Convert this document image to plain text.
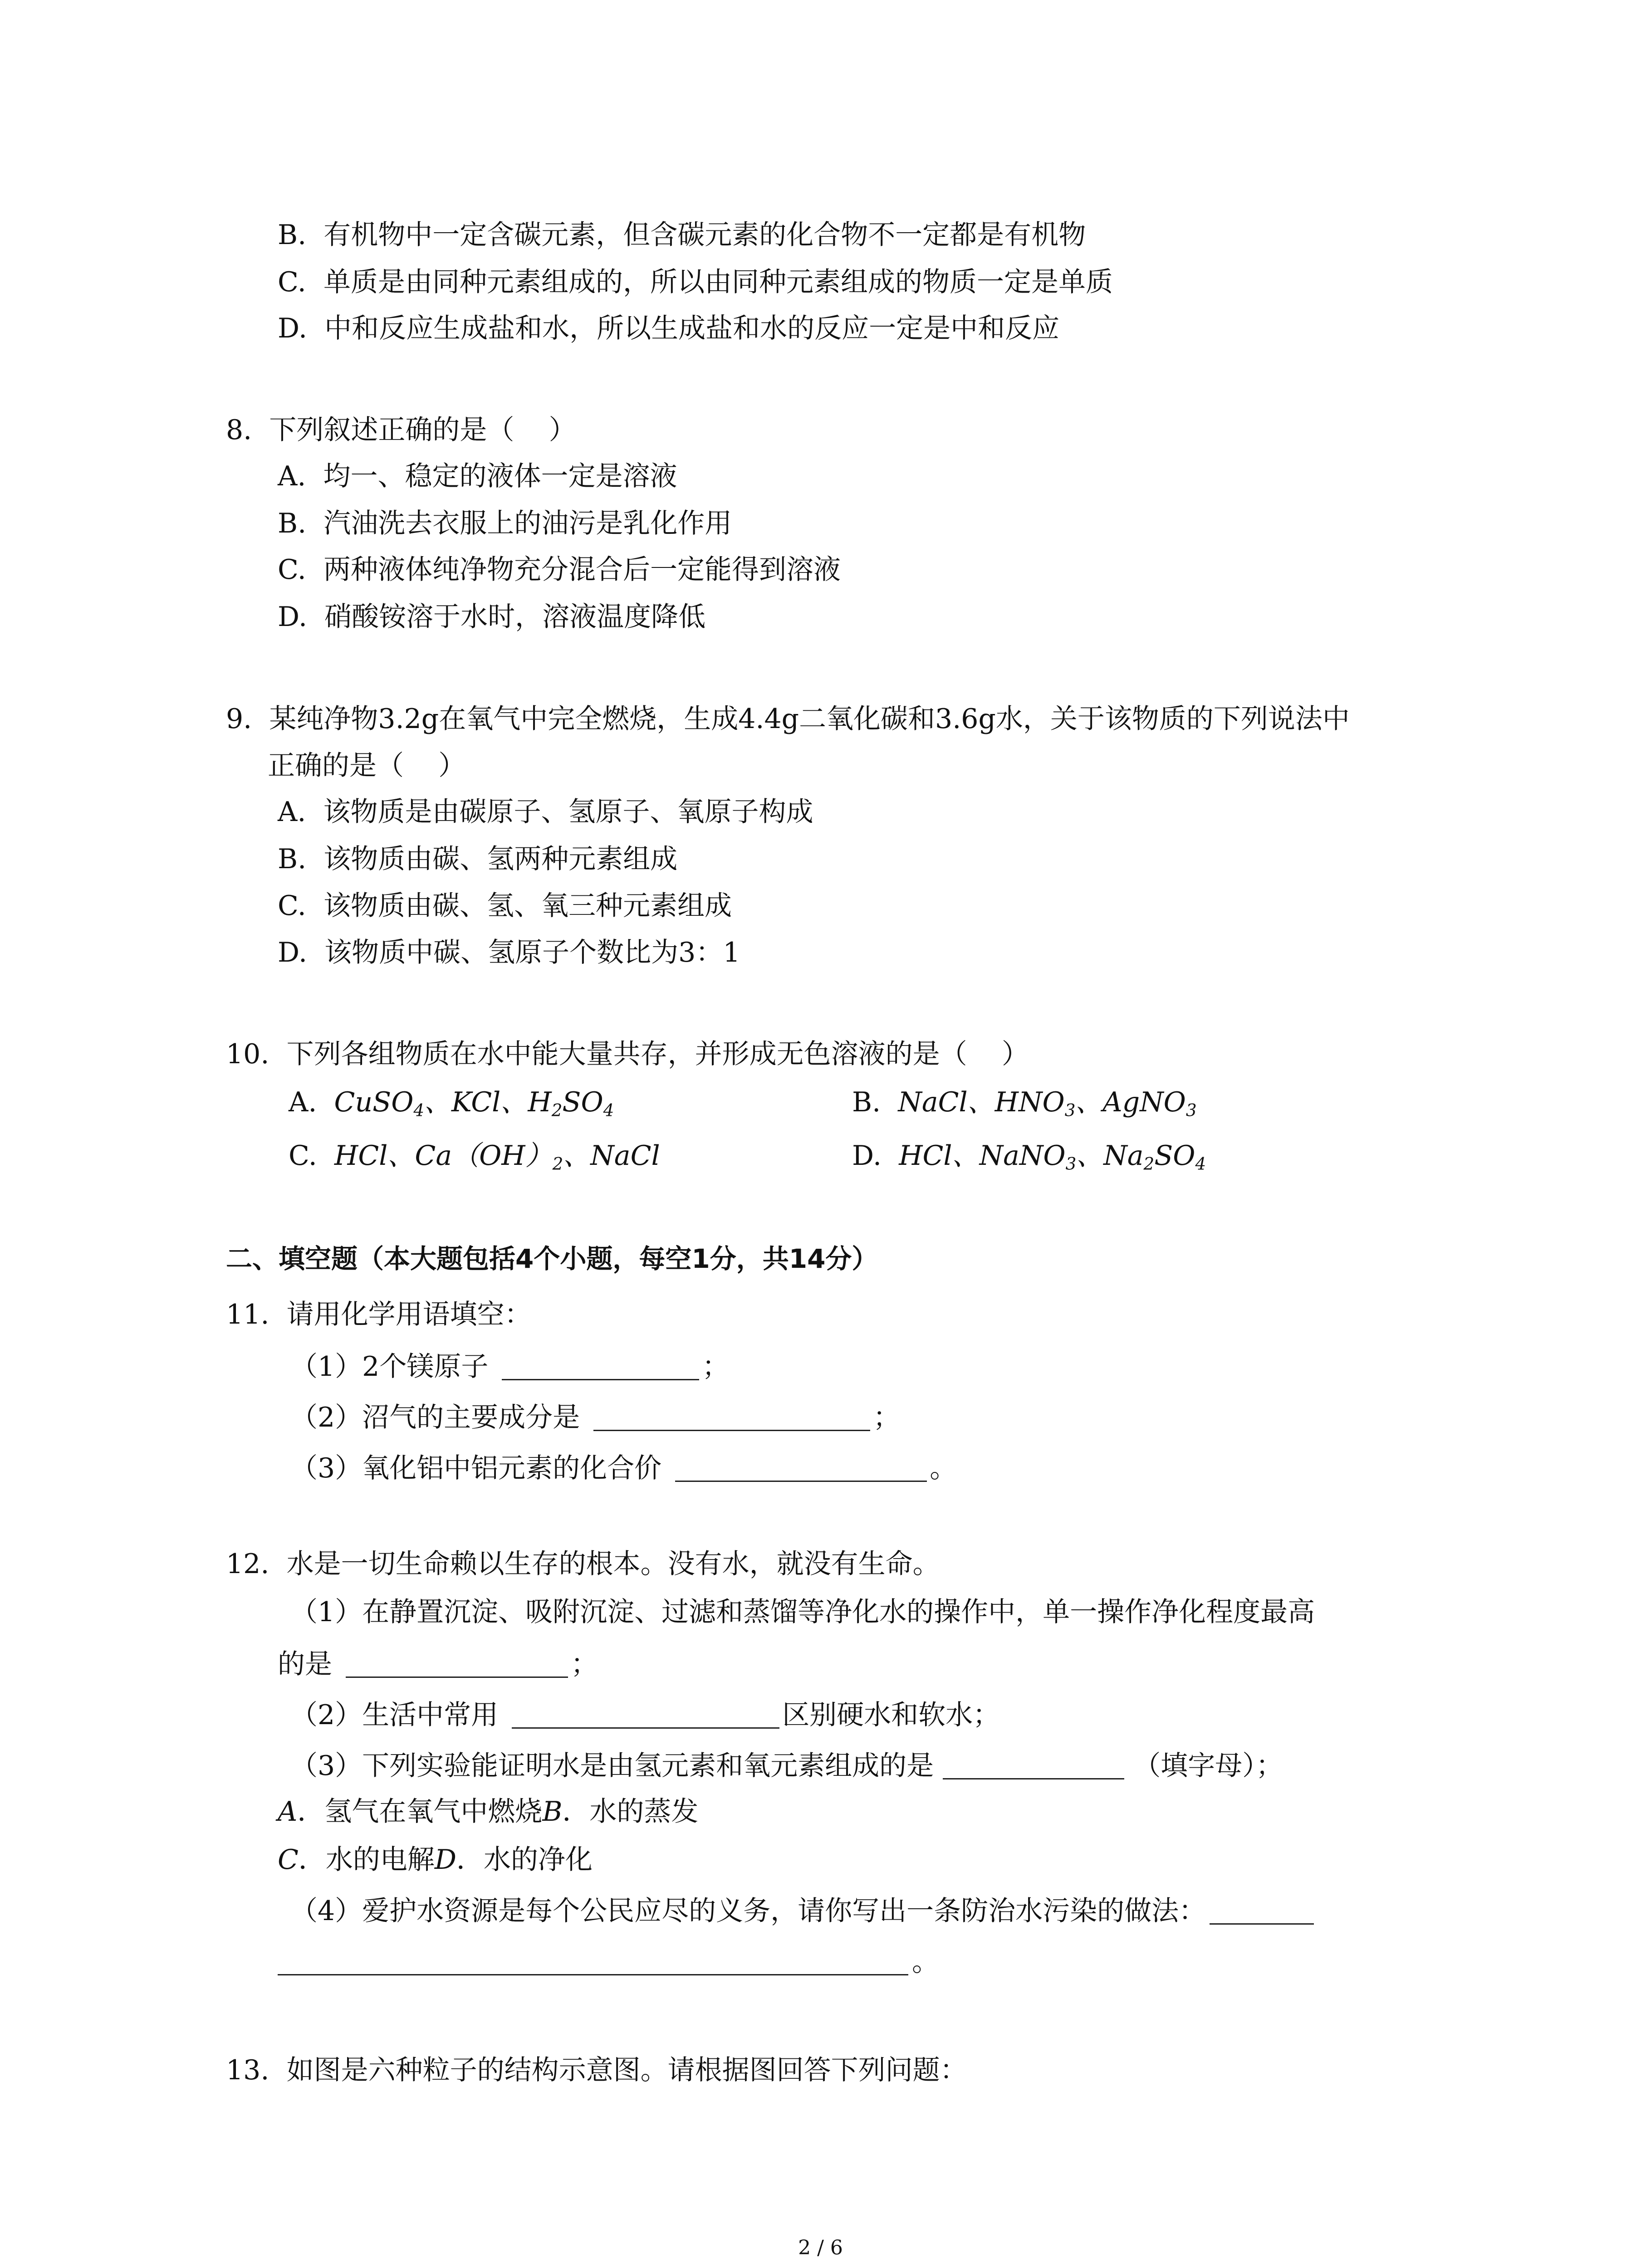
B.  有机物中一定含碳元素，但含碳元素的化合物不一定都是有机物
C.  单质是由同种元素组成的，所以由同种元素组成的物质一定是单质
D.  中和反应生成盐和水，所以生成盐和水的反应一定是中和反应
8.  下列叙述正确的是（    ）
A.  均一、稳定的液体一定是溶液
B.  汽油洗去衣服上的油污是乳化作用
C.  两种液体纯净物充分混合后一定能得到溶液
D.  硝酸铵溶于水时，溶液温度降低
9.  某纯净物3.2g在氧气中完全燃烧，生成4.4g二氧化碳和3.6g水，关于该物质的下列说法中
正确的是（    ）
A.  该物质是由碳原子、氢原子、氧原子构成
B.  该物质由碳、氢两种元素组成
C.  该物质由碳、氢、氧三种元素组成
D.  该物质中碳、氢原子个数比为3：1
10.  下列各组物质在水中能大量共存，并形成无色溶液的是（    ）
A.  CuSO$_4$、KCl、$H_2SO_4$	B.  NaCl、$HNO_3$、AgNO$_3$
C.  HCl、$Ca(OH)_2$、NaCl	D.  HCl、NaNO$_3$、$Na_2SO_4$
二、填空题（本大题包括4个小题，每空1分，共14分）
11.  请用化学用语填空：
（1）2个镁原子	；
（2）沼气的主要成分是	；
（3）氧化铝中铝元素的化合价	。
12.  水是一切生命赖以生存的根本。没有水，就没有生命。
（1）在静置沉淀、吸附沉淀、过滤和蒸馏等净化水的操作中，单一操作净化程度最高
的是	；
（2）生活中常用	区别硬水和软水；
（3）下列实验能证明水是由氢元素和氧元素组成的是	（填字母）；
A．氢气在氧气中燃烧B．水的蒸发
C．水的电解D．水的净化
（4）爱护水资源是每个公民应尽的义务，请你写出一条防治水污染的做法：
。
13.  如图是六种粒子的结构示意图。请根据图回答下列问题：
2 / 6
